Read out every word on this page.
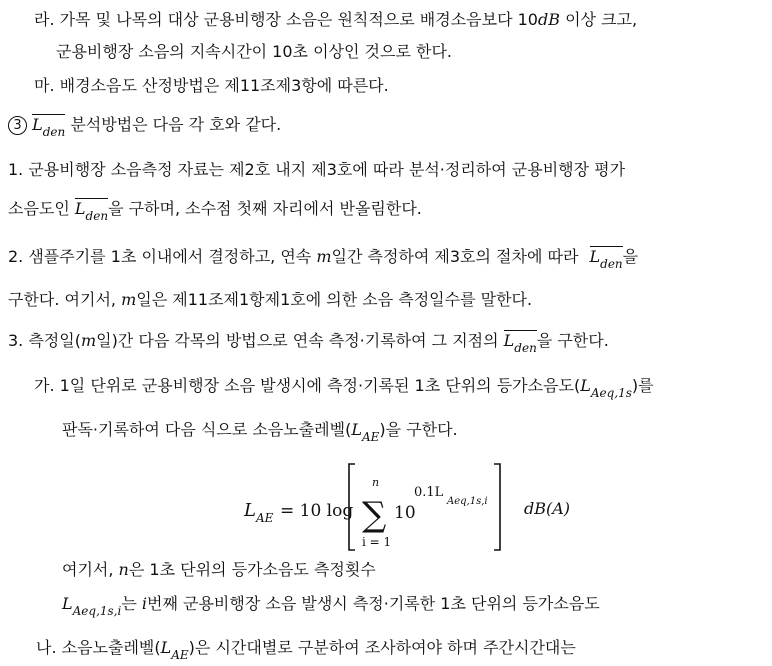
라. 가목 및 나목의 대상 군용비행장 소음은 원칙적으로 배경소음보다 10dB 이상 크고,
군용비행장 소음의 지속시간이 10초 이상인 것으로 한다.
마. 배경소음도 산정방법은 제11조제3항에 따른다.
3 $L_{den}$ 분석방법은 다음 각 호와 같다.
1. 군용비행장 소음측정 자료는 제2호 내지 제3호에 따라 분석·정리하여 군용비행장 평가
소음도인 $L_{den}$을 구하며, 소수점 첫째 자리에서 반올림한다.
2. 샘플주기를 1초 이내에서 결정하고, 연속 m일간 측정하여 제3호의 절차에 따라 $L_{den}$을
구한다. 여기서, m일은 제11조제1항제1호에 의한 소음 측정일수를 말한다.
3. 측정일(m일)간 다음 각목의 방법으로 연속 측정·기록하여 그 지점의 $L_{den}$을 구한다.
가. 1일 단위로 군용비행장 소음 발생시에 측정·기록된 1초 단위의 등가소음도$(L_{Aeq,1s})$를
판독·기록하여 다음 식으로 소음노출레벨$(L_{AE})$을 구한다.
L AE = 10 log
n
∑
i = 1
10
0.1L
Aeq,1s,i dB(A)
여기서, n은 1초 단위의 등가소음도 측정횟수
$L_{Aeq,1s,i}$는 i번째 군용비행장 소음 발생시 측정·기록한 1초 단위의 등가소음도
나. 소음노출레벨$(L_{AE})$은 시간대별로 구분하여 조사하여야 하며 주간시간대는
